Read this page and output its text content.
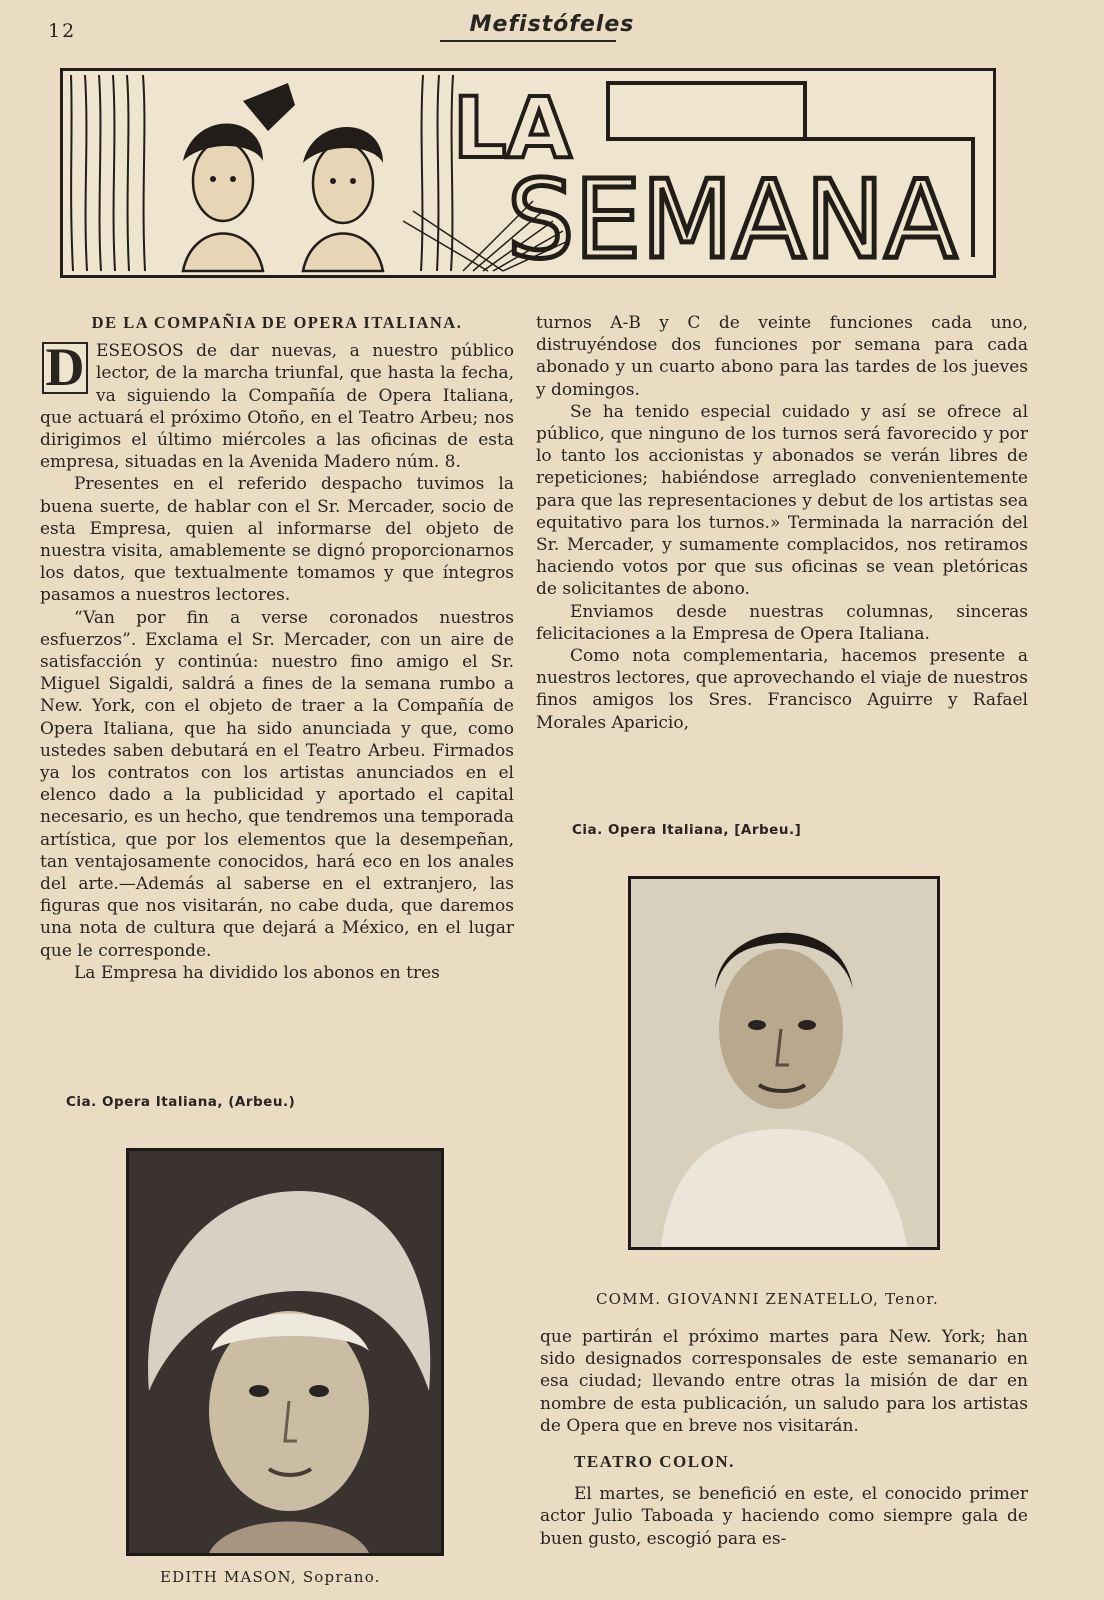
12	Mefistófeles
LA
SEMANA
DE LA COMPAÑIA DE OPERA ITALIANA.

D ESEOSOS de dar nuevas, a nuestro público lector, de la marcha triunfal, que hasta la fecha, va siguiendo la Compañía de Opera Italiana, que actuará el próximo Otoño, en el Teatro Arbeu; nos dirigimos el último miércoles a las oficinas de esta empresa, situadas en la Avenida Madero núm. 8.

Presentes en el referido despacho tuvimos la buena suerte, de hablar con el Sr. Mercader, socio de esta Empresa, quien al informarse del objeto de nuestra visita, amablemente se dignó proporcionarnos los datos, que textualmente tomamos y que íntegros pasamos a nuestros lectores.

“Van por fin a verse coronados nuestros esfuerzos”. Exclama el Sr. Mercader, con un aire de satisfacción y continúa: nuestro fino amigo el Sr. Miguel Sigaldi, saldrá a fines de la semana rumbo a New. York, con el objeto de traer a la Compañía de Opera Italiana, que ha sido anunciada y que, como ustedes saben debutará en el Teatro Arbeu. Firmados ya los contratos con los artistas anunciados en el elenco dado a la publicidad y aportado el capital necesario, es un hecho, que tendremos una temporada artística, que por los elementos que la desempeñan, tan ventajosamente conocidos, hará eco en los anales del arte.—Además al saberse en el extranjero, las figuras que nos visitarán, no cabe duda, que daremos una nota de cultura que dejará a México, en el lugar que le corresponde.

La Empresa ha dividido los abonos en tres

turnos A-B y C de veinte funciones cada uno, distruyéndose dos funciones por semana para cada abonado y un cuarto abono para las tardes de los jueves y domingos.

Se ha tenido especial cuidado y así se ofrece al público, que ninguno de los turnos será favorecido y por lo tanto los accionistas y abonados se verán libres de repeticiones; habiéndose arreglado convenientemente para que las representaciones y debut de los artistas sea equitativo para los turnos.» Terminada la narración del Sr. Mercader, y sumamente complacidos, nos retiramos haciendo votos por que sus oficinas se vean pletóricas de solicitantes de abono.

Enviamos desde nuestras columnas, sinceras felicitaciones a la Empresa de Opera Italiana.

Como nota complementaria, hacemos presente a nuestros lectores, que aprovechando el viaje de nuestros finos amigos los Sres. Francisco Aguirre y Rafael Morales Aparicio,

Cia. Opera Italiana, [Arbeu.]
COMM. GIOVANNI ZENATELLO, Tenor.

que partirán el próximo martes para New. York; han sido designados corresponsales de este semanario en esa ciudad; llevando entre otras la misión de dar en nombre de esta publicación, un saludo para los artistas de Opera que en breve nos visitarán.

TEATRO COLON.

El martes, se benefició en este, el conocido primer actor Julio Taboada y haciendo como siempre gala de buen gusto, escogió para es-

Cia. Opera Italiana, (Arbeu.)
EDITH MASON, Soprano.
